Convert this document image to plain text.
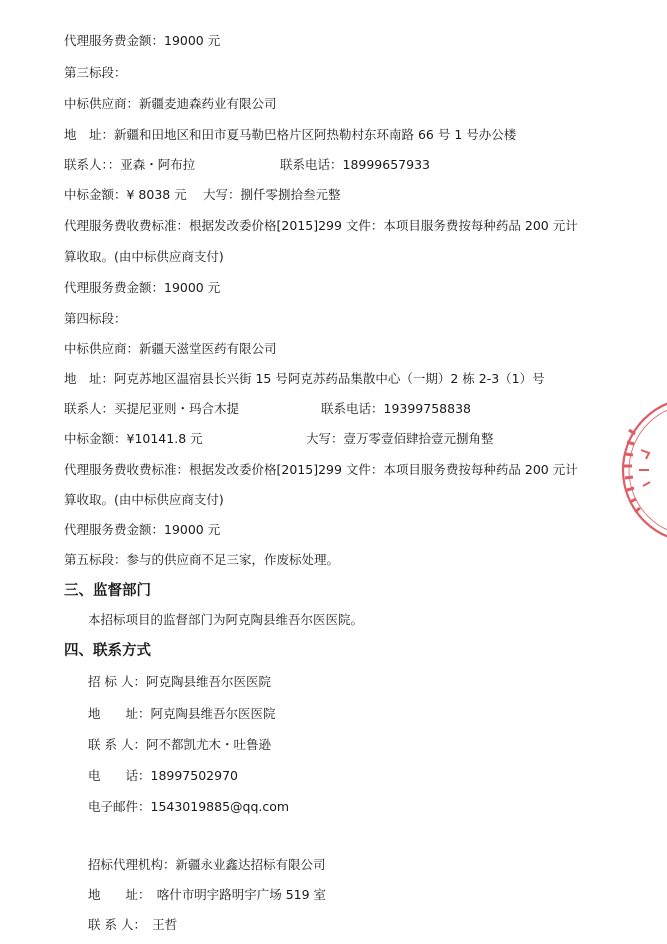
代理服务费金额：19000 元
第三标段：
中标供应商：新疆麦迪森药业有限公司
地　址：新疆和田地区和田市夏马勒巴格片区阿热勒村东环南路 66 号 1 号办公楼
联系人：：亚森・阿布拉	联系电话：18999657933
中标金额：¥ 8038 元 大写：捌仟零捌拾叁元整
代理服务费收费标准：根据发改委价格[2015]299 文件：本项目服务费按每种药品 200 元计
算收取。(由中标供应商支付)
代理服务费金额：19000 元
第四标段：
中标供应商：新疆天滋堂医药有限公司
地　址：阿克苏地区温宿县长兴街 15 号阿克苏药品集散中心（一期）2 栋 2-3（1）号
联系人：买提尼亚则・玛合木提	联系电话：19399758838
中标金额：¥10141.8 元	大写：壹万零壹佰肆拾壹元捌角整
代理服务费收费标准：根据发改委价格[2015]299 文件：本项目服务费按每种药品 200 元计
算收取。(由中标供应商支付)
代理服务费金额：19000 元
第五标段：参与的供应商不足三家，作废标处理。
三、监督部门
本招标项目的监督部门为阿克陶县维吾尔医医院。
四、联系方式
招 标 人：阿克陶县维吾尔医医院
地　　址：阿克陶县维吾尔医医院
联 系 人：阿不都凯尤木・吐鲁逊
电　　话：18997502970
电子邮件：1543019885@qq.com
招标代理机构：新疆永业鑫达招标有限公司
地　　址：　喀什市明宇路明宇广场 519 室
联 系 人：　王哲
